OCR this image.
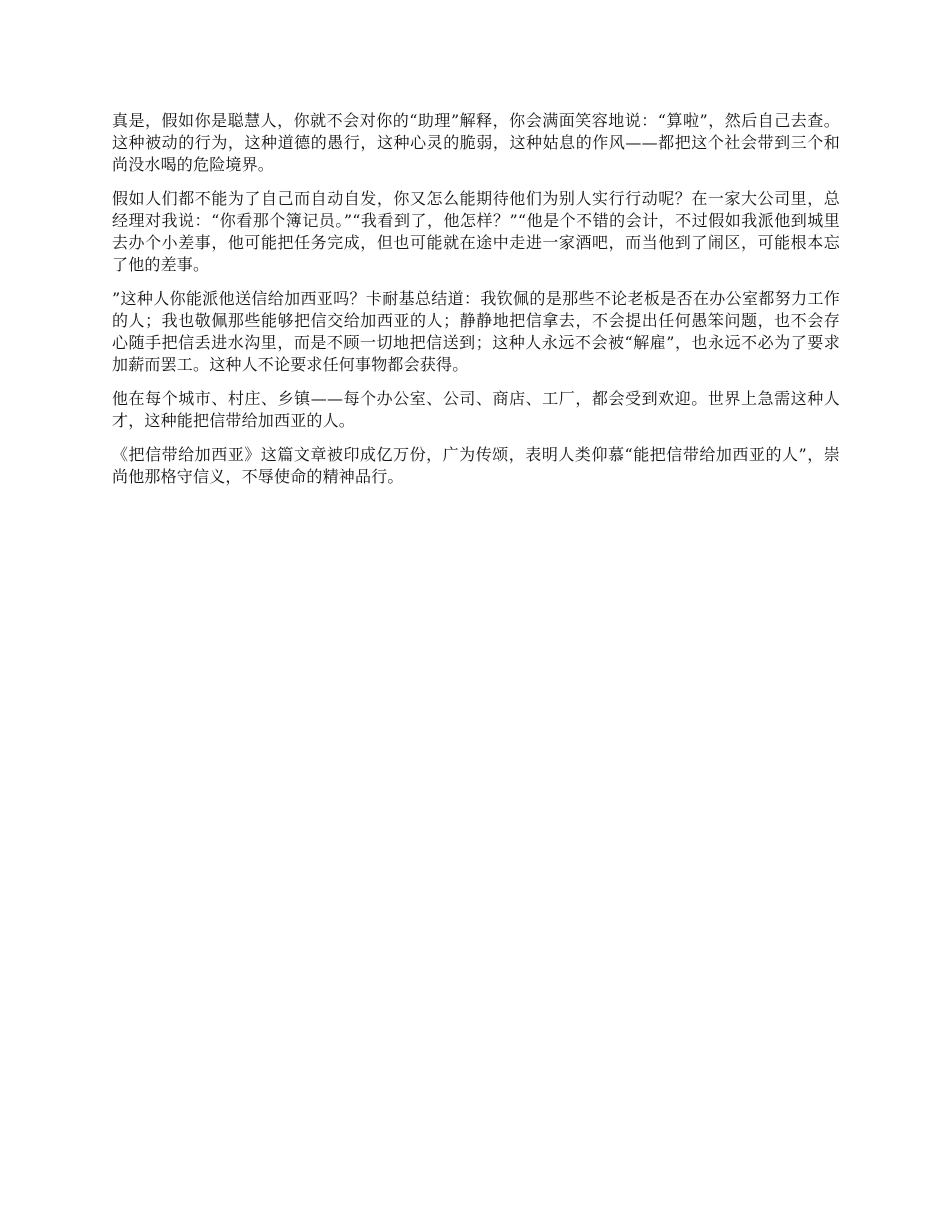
真是，假如你是聪慧人，你就不会对你的“助理”解释，你会满面笑容地说：“算啦”，然后自己去查。这种被动的行为，这种道德的愚行，这种心灵的脆弱，这种姑息的作风——都把这个社会带到三个和尚没水喝的危险境界。

假如人们都不能为了自己而自动自发，你又怎么能期待他们为别人实行行动呢？在一家大公司里，总经理对我说：“你看那个簿记员。”“我看到了，他怎样？”“他是个不错的会计，不过假如我派他到城里去办个小差事，他可能把任务完成，但也可能就在途中走进一家酒吧，而当他到了闹区，可能根本忘了他的差事。

”这种人你能派他送信给加西亚吗？卡耐基总结道：我钦佩的是那些不论老板是否在办公室都努力工作的人；我也敬佩那些能够把信交给加西亚的人；静静地把信拿去，不会提出任何愚笨问题，也不会存心随手把信丢进水沟里，而是不顾一切地把信送到；这种人永远不会被“解雇”，也永远不必为了要求加薪而罢工。这种人不论要求任何事物都会获得。

他在每个城市、村庄、乡镇——每个办公室、公司、商店、工厂，都会受到欢迎。世界上急需这种人才，这种能把信带给加西亚的人。

《把信带给加西亚》这篇文章被印成亿万份，广为传颂，表明人类仰慕“能把信带给加西亚的人”，崇尚他那格守信义，不辱使命的精神品行。
